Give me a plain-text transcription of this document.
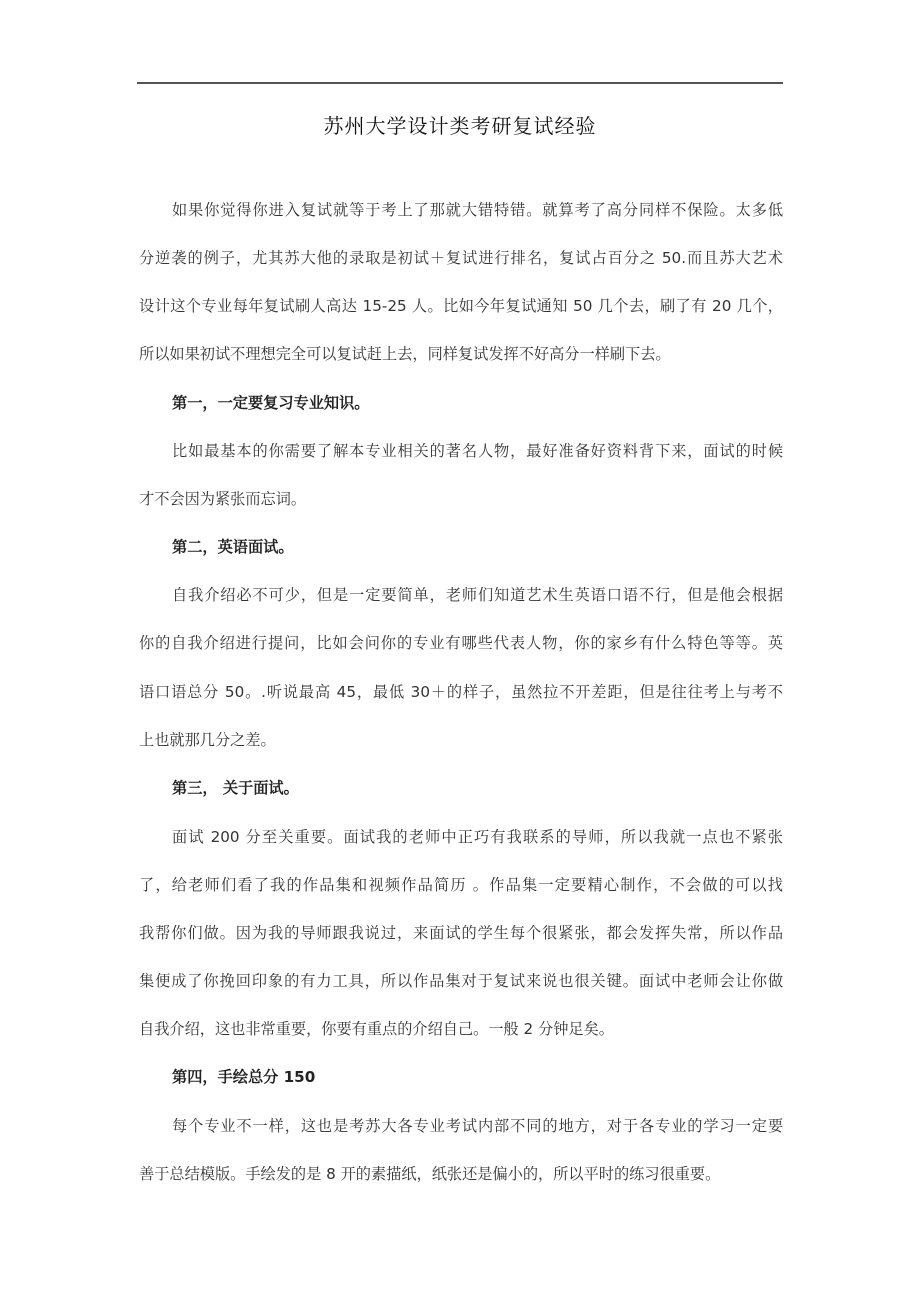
苏州大学设计类考研复试经验
如果你觉得你进入复试就等于考上了那就大错特错。就算考了高分同样不保险。太多低
分逆袭的例子，尤其苏大他的录取是初试＋复试进行排名，复试占百分之 50.而且苏大艺术
设计这个专业每年复试刷人高达 15-25 人。比如今年复试通知 50 几个去，刷了有 20 几个，
所以如果初试不理想完全可以复试赶上去，同样复试发挥不好高分一样刷下去。
第一，一定要复习专业知识。
比如最基本的你需要了解本专业相关的著名人物，最好准备好资料背下来，面试的时候
才不会因为紧张而忘词。
第二，英语面试。
自我介绍必不可少，但是一定要简单，老师们知道艺术生英语口语不行，但是他会根据
你的自我介绍进行提问，比如会问你的专业有哪些代表人物，你的家乡有什么特色等等。英
语口语总分 50。.听说最高 45，最低 30＋的样子，虽然拉不开差距，但是往往考上与考不
上也就那几分之差。
第三， 关于面试。
面试 200 分至关重要。面试我的老师中正巧有我联系的导师，所以我就一点也不紧张
了，给老师们看了我的作品集和视频作品简历 。作品集一定要精心制作，不会做的可以找
我帮你们做。因为我的导师跟我说过，来面试的学生每个很紧张，都会发挥失常，所以作品
集便成了你挽回印象的有力工具，所以作品集对于复试来说也很关键。面试中老师会让你做
自我介绍，这也非常重要，你要有重点的介绍自己。一般 2 分钟足矣。
第四，手绘总分 150
每个专业不一样，这也是考苏大各专业考试内部不同的地方，对于各专业的学习一定要
善于总结模版。手绘发的是 8 开的素描纸，纸张还是偏小的，所以平时的练习很重要。
